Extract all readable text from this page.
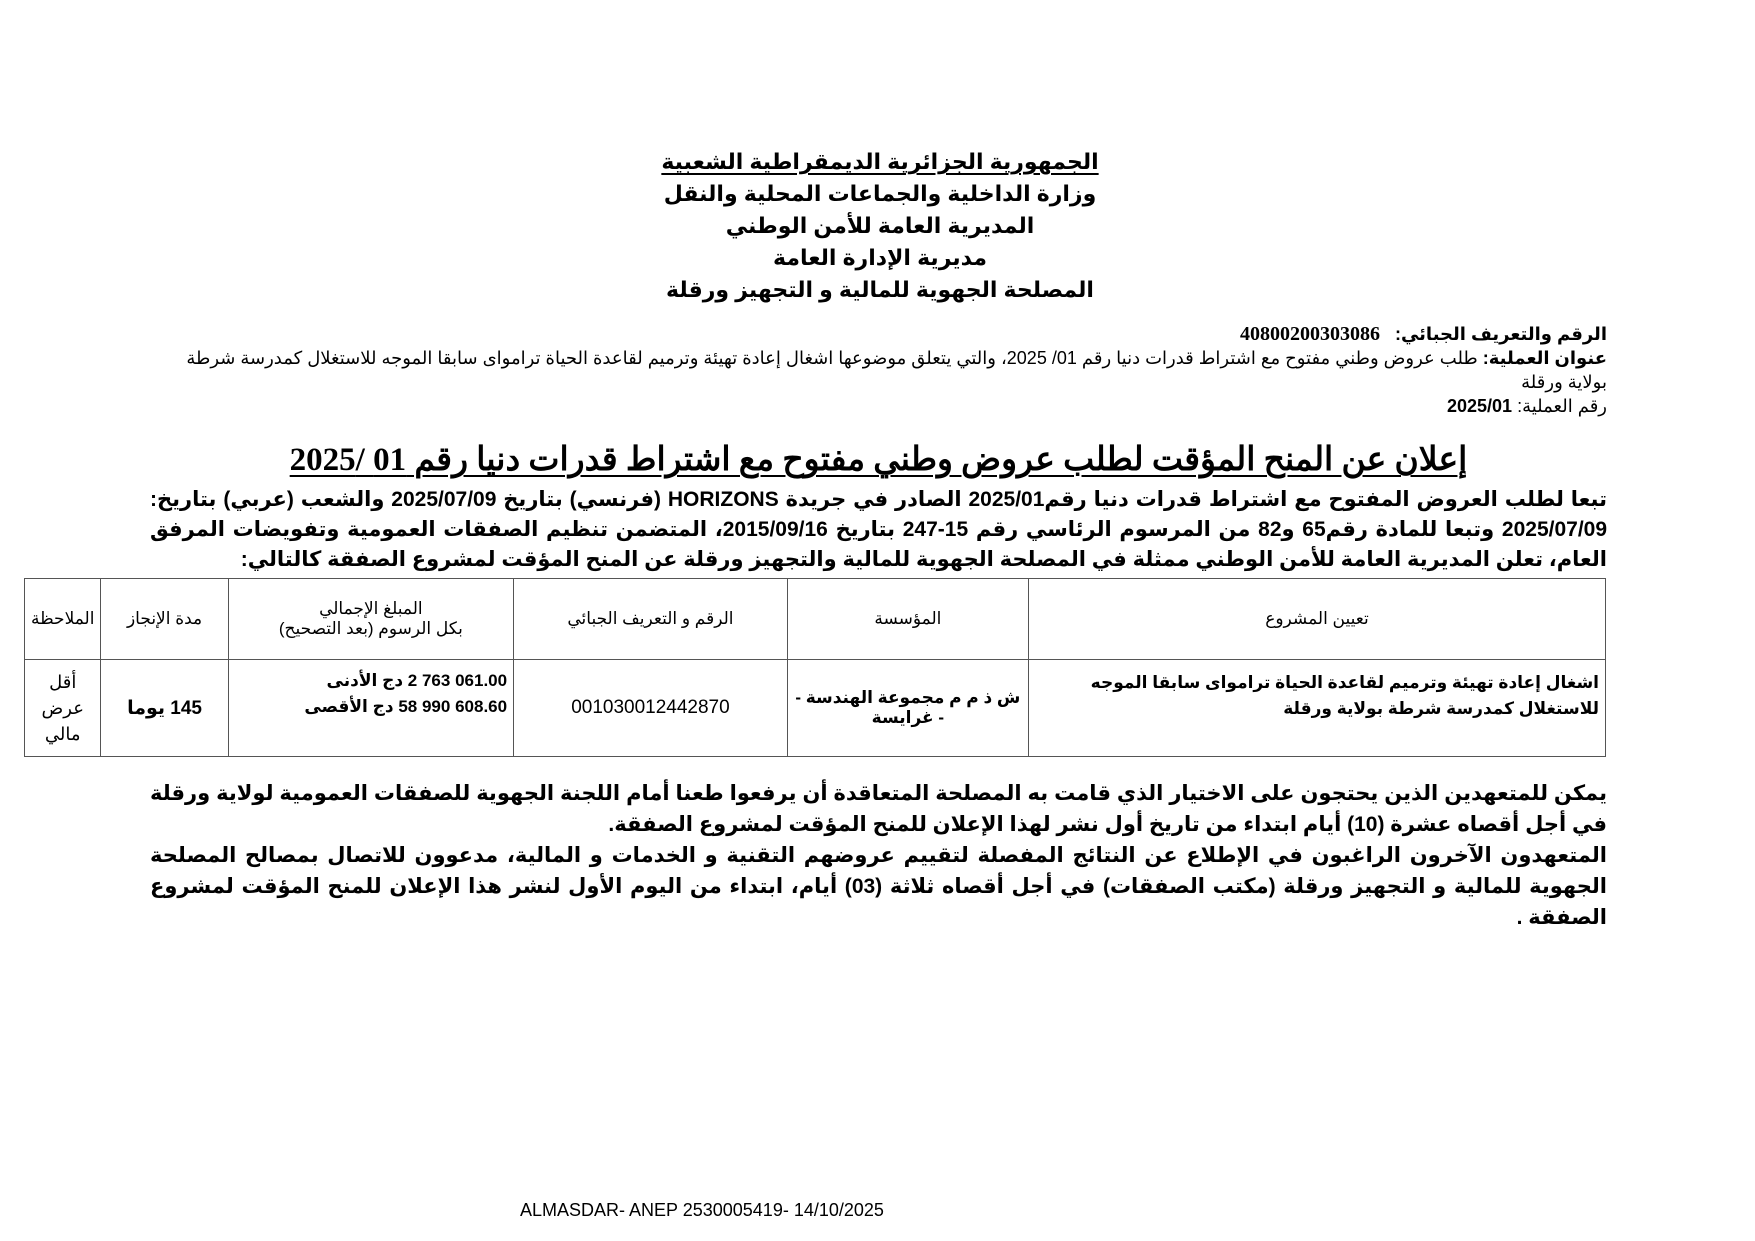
الجمهورية الجزائرية الديمقراطية الشعبية
وزارة الداخلية والجماعات المحلية والنقل
المديرية العامة للأمن الوطني
مديرية الإدارة العامة
المصلحة الجهوية للمالية و التجهيز ورقلة
الرقم والتعريف الجبائي:   40800200303086
عنوان العملية: طلب عروض وطني مفتوح مع اشتراط قدرات دنيا رقم 01/ 2025، والتي يتعلق موضوعها اشغال إعادة تهيئة وترميم لقاعدة الحياة تراموای سابقا الموجه للاستغلال كمدرسة شرطة بولاية ورقلة
رقم العملية: 2025/01
إعلان عن المنح المؤقت لطلب عروض وطني مفتوح مع اشتراط قدرات دنيا رقم 01 /2025
تبعا لطلب العروض المفتوح مع اشتراط قدرات دنيا رقم2025/01 الصادر في جريدة HORIZONS (فرنسي) بتاريخ 2025/07/09 والشعب (عربي) بتاريخ: 2025/07/09 وتبعا للمادة رقم65 و82 من المرسوم الرئاسي رقم 15-247 بتاريخ 2015/09/16، المتضمن تنظيم الصفقات العمومية وتفويضات المرفق العام، تعلن المديرية العامة للأمن الوطني ممثلة في المصلحة الجهوية للمالية والتجهيز ورقلة عن المنح المؤقت لمشروع الصفقة كالتالي:
تعيين المشروع	المؤسسة	الرقم و التعريف الجبائي	المبلغ الإجمالي
بكل الرسوم (بعد التصحيح)	مدة الإنجاز	الملاحظة
اشغال إعادة تهيئة وترميم لقاعدة الحياة تراموای سابقا الموجه للاستغلال كمدرسة شرطة بولاية ورقلة	ش ذ م م مجموعة الهندسة - - غرايسة	001030012442870	061.00 763 2 دج الأدنى
608.60 990 58 دج الأقصى	145 يوما	أقل عرض مالي
يمكن للمتعهدين الذين يحتجون على الاختيار الذي قامت به المصلحة المتعاقدة أن يرفعوا طعنا أمام اللجنة الجهوية للصفقات العمومية لولاية ورقلة في أجل أقصاه عشرة (10) أيام ابتداء من تاريخ أول نشر لهذا الإعلان للمنح المؤقت لمشروع الصفقة.
المتعهدون الآخرون الراغبون في الإطلاع عن النتائج المفصلة لتقييم عروضهم التقنية و الخدمات و المالية، مدعوون للاتصال بمصالح المصلحة الجهوية للمالية و التجهيز ورقلة (مكتب الصفقات) في أجل أقصاه ثلاثة (03) أيام، ابتداء من اليوم الأول لنشر هذا الإعلان للمنح المؤقت لمشروع الصفقة .
ALMASDAR- ANEP 2530005419- 14/10/2025
